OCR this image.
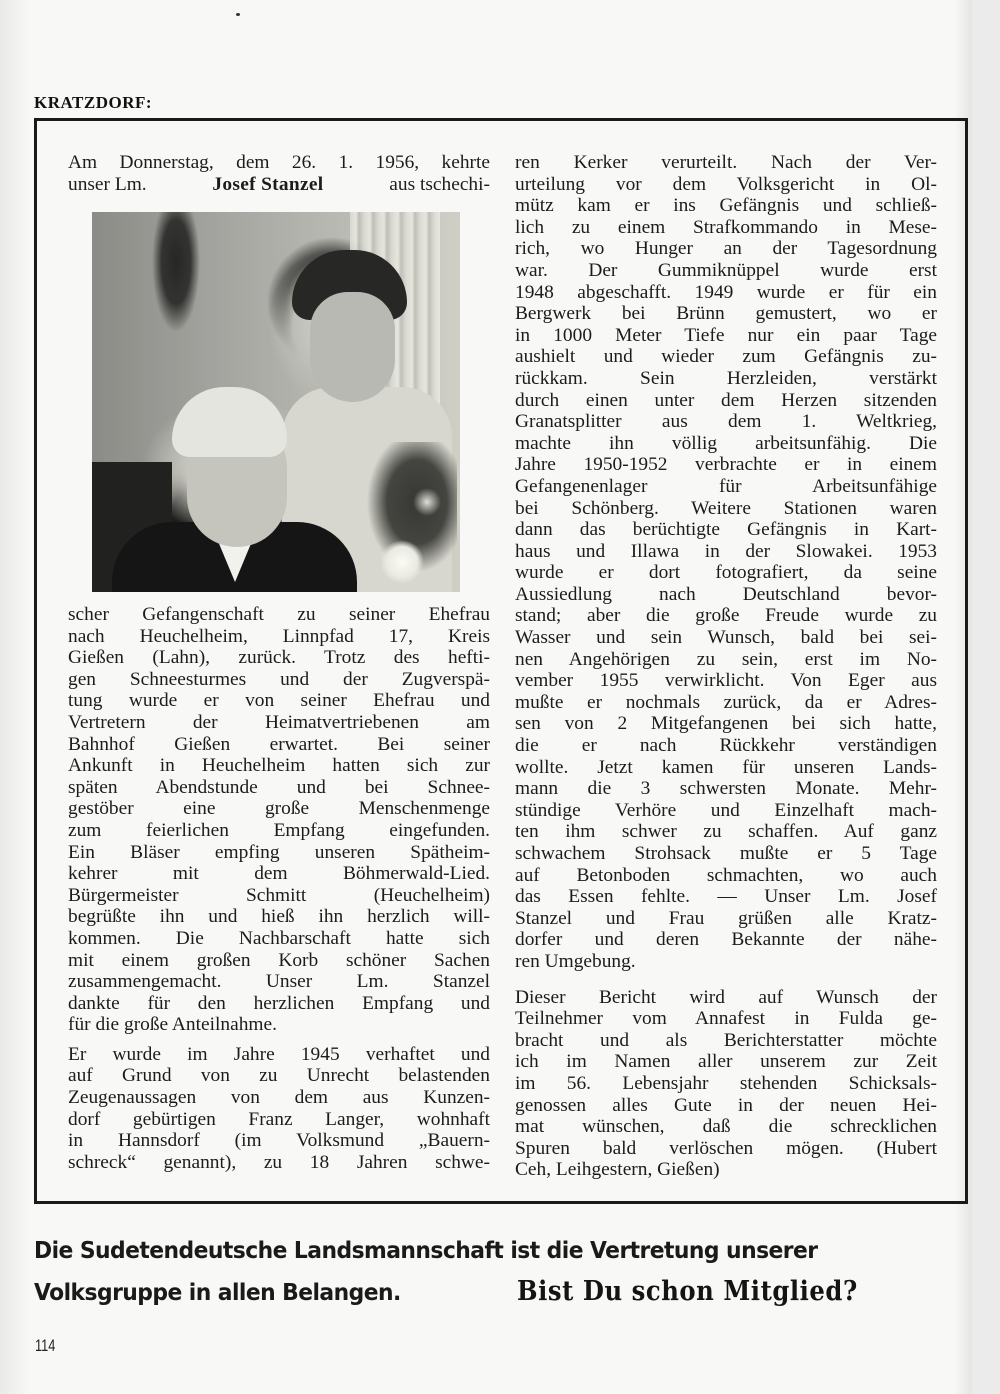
KRATZDORF:
Am Donnerstag, dem 26. 1. 1956, kehrte
unser Lm.	Josef Stanzel	aus tschechi-

scher Gefangenschaft zu seiner Ehefrau
nach Heuchelheim, Linnpfad 17, Kreis
Gießen (Lahn), zurück. Trotz des hefti-
gen Schneesturmes und der Zugverspä-
tung wurde er von seiner Ehefrau und
Vertretern der Heimatvertriebenen am
Bahnhof Gießen erwartet. Bei seiner
Ankunft in Heuchelheim hatten sich zur
späten Abendstunde und bei Schnee-
gestöber eine große Menschenmenge
zum feierlichen Empfang eingefunden.
Ein Bläser empfing unseren Spätheim-
kehrer mit dem Böhmerwald-Lied.
Bürgermeister Schmitt (Heuchelheim)
begrüßte ihn und hieß ihn herzlich will-
kommen. Die Nachbarschaft hatte sich
mit einem großen Korb schöner Sachen
zusammengemacht. Unser Lm. Stanzel
dankte für den herzlichen Empfang und
für die große Anteilnahme.

Er wurde im Jahre 1945 verhaftet und
auf Grund von zu Unrecht belastenden
Zeugenaussagen von dem aus Kunzen-
dorf gebürtigen Franz Langer, wohnhaft
in Hannsdorf (im Volksmund „Bauern-
schreck“ genannt), zu 18 Jahren schwe-

ren Kerker verurteilt. Nach der Ver-
urteilung vor dem Volksgericht in Ol-
mütz kam er ins Gefängnis und schließ-
lich zu einem Strafkommando in Mese-
rich, wo Hunger an der Tagesordnung
war. Der Gummiknüppel wurde erst
1948 abgeschafft. 1949 wurde er für ein
Bergwerk bei Brünn gemustert, wo er
in 1000 Meter Tiefe nur ein paar Tage
aushielt und wieder zum Gefängnis zu-
rückkam. Sein Herzleiden, verstärkt
durch einen unter dem Herzen sitzenden
Granatsplitter aus dem 1. Weltkrieg,
machte ihn völlig arbeitsunfähig. Die
Jahre 1950-1952 verbrachte er in einem
Gefangenenlager für Arbeitsunfähige
bei Schönberg. Weitere Stationen waren
dann das berüchtigte Gefängnis in Kart-
haus und Illawa in der Slowakei. 1953
wurde er dort fotografiert, da seine
Aussiedlung nach Deutschland bevor-
stand; aber die große Freude wurde zu
Wasser und sein Wunsch, bald bei sei-
nen Angehörigen zu sein, erst im No-
vember 1955 verwirklicht. Von Eger aus
mußte er nochmals zurück, da er Adres-
sen von 2 Mitgefangenen bei sich hatte,
die er nach Rückkehr verständigen
wollte. Jetzt kamen für unseren Lands-
mann die 3 schwersten Monate. Mehr-
stündige Verhöre und Einzelhaft mach-
ten ihm schwer zu schaffen. Auf ganz
schwachem Strohsack mußte er 5 Tage
auf Betonboden schmachten, wo auch
das Essen fehlte. — Unser Lm. Josef
Stanzel und Frau grüßen alle Kratz-
dorfer und deren Bekannte der nähe-
ren Umgebung.

Dieser Bericht wird auf Wunsch der
Teilnehmer vom Annafest in Fulda ge-
bracht und als Berichterstatter möchte
ich im Namen aller unserem zur Zeit
im 56. Lebensjahr stehenden Schicksals-
genossen alles Gute in der neuen Hei-
mat wünschen, daß die schrecklichen
Spuren bald verlöschen mögen. (Hubert
Ceh, Leihgestern, Gießen)

Die Sudetendeutsche Landsmannschaft ist die Vertretung unserer
Volksgruppe in allen Belangen.	Bist Du schon Mitglied?
114
